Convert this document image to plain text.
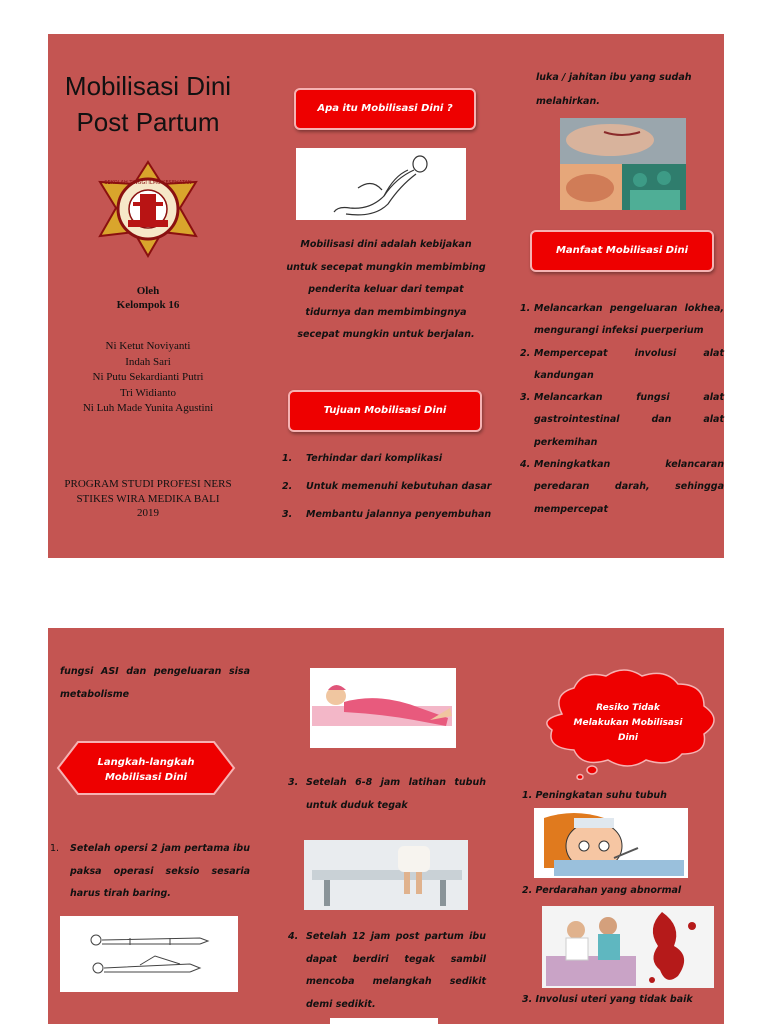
Mobilisasi Dini
Post Partum
SEKOLAH TINGGI ILMU KESEHATAN
Oleh
Kelompok 16
Ni Ketut Noviyanti
Indah Sari
Ni Putu Sekardianti Putri
Tri Widianto
Ni Luh Made Yunita Agustini
PROGRAM STUDI PROFESI NERS
STIKES WIRA MEDIKA BALI
2019
Apa itu Mobilisasi Dini ?
Mobilisasi dini adalah kebijakan untuk secepat mungkin membimbing penderita keluar dari tempat tidurnya dan membimbingnya secepat mungkin untuk berjalan.
Tujuan Mobilisasi Dini
1. Terhindar dari komplikasi
2. Untuk memenuhi kebutuhan dasar
3. Membantu jalannya penyembuhan
luka / jahitan ibu yang sudah melahirkan.
Manfaat Mobilisasi Dini
1. Melancarkan pengeluaran lokhea, mengurangi infeksi puerperium
2. Mempercepat involusi alat kandungan
3. Melancarkan fungsi alat gastrointestinal dan alat perkemihan
4. Meningkatkan kelancaran peredaran darah, sehingga mempercepat
fungsi ASI dan pengeluaran sisa metabolisme
Langkah-langkah
Mobilisasi Dini
1. Setelah opersi 2 jam pertama ibu paksa operasi seksio sesaria harus tirah baring.
3. Setelah 6-8 jam latihan tubuh untuk duduk tegak
4. Setelah 12 jam post partum ibu dapat berdiri tegak sambil mencoba melangkah sedikit demi sedikit.
Resiko Tidak
Melakukan Mobilisasi
Dini
1. Peningkatan suhu tubuh
2. Perdarahan yang abnormal
3. Involusi uteri yang tidak baik
